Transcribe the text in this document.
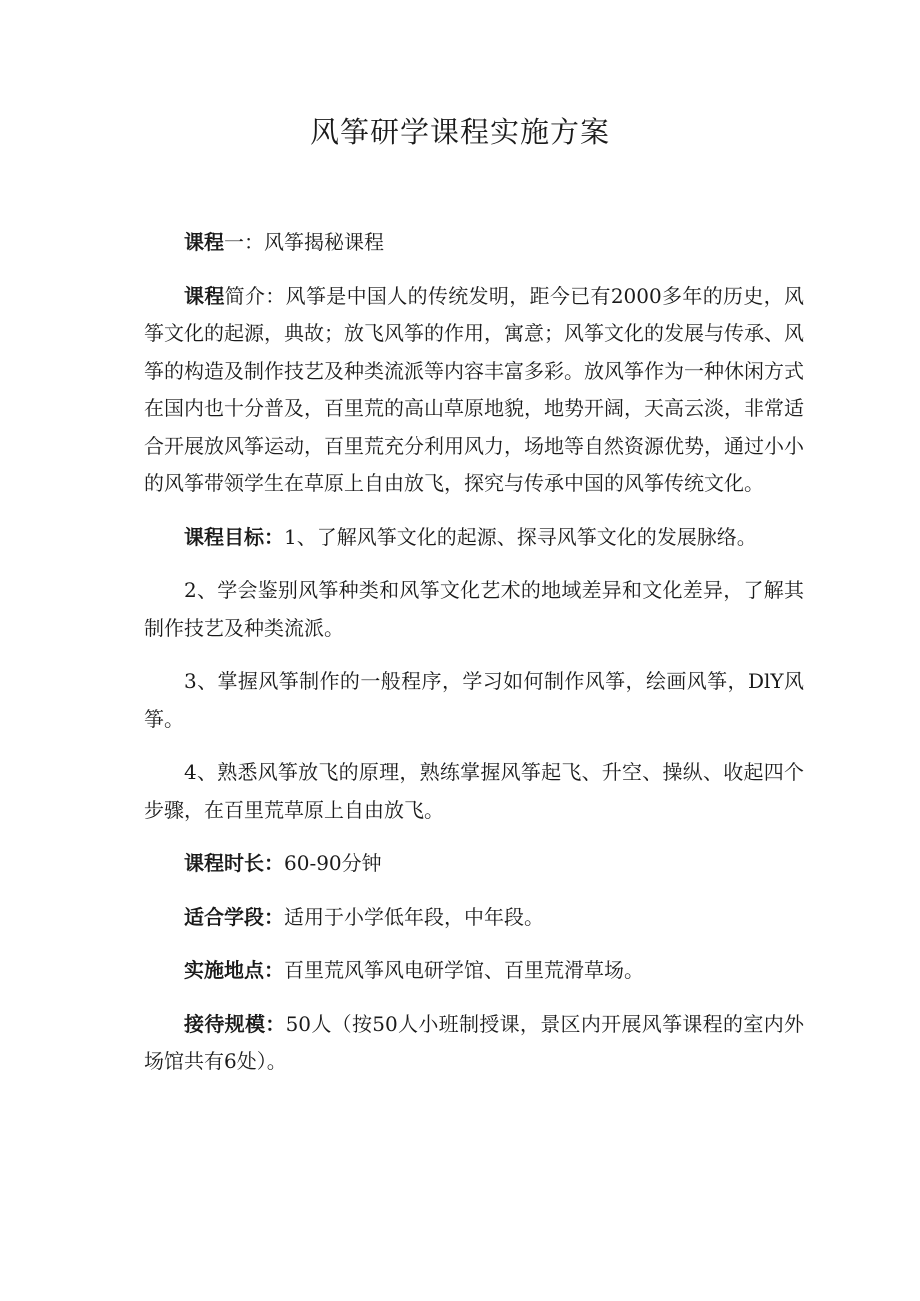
风筝研学课程实施方案

课程一：风筝揭秘课程

课程简介：风筝是中国人的传统发明，距今已有2000多年的历史，风筝文化的起源，典故；放飞风筝的作用，寓意；风筝文化的发展与传承、风筝的构造及制作技艺及种类流派等内容丰富多彩。放风筝作为一种休闲方式在国内也十分普及，百里荒的高山草原地貌，地势开阔，天高云淡，非常适合开展放风筝运动，百里荒充分利用风力，场地等自然资源优势，通过小小的风筝带领学生在草原上自由放飞，探究与传承中国的风筝传统文化。

课程目标：1、了解风筝文化的起源、探寻风筝文化的发展脉络。

2、学会鉴别风筝种类和风筝文化艺术的地域差异和文化差异，了解其制作技艺及种类流派。

3、掌握风筝制作的一般程序，学习如何制作风筝，绘画风筝，DlY风筝。

4、熟悉风筝放飞的原理，熟练掌握风筝起飞、升空、操纵、收起四个步骤，在百里荒草原上自由放飞。

课程时长：60-90分钟

适合学段：适用于小学低年段，中年段。

实施地点：百里荒风筝风电研学馆、百里荒滑草场。

接待规模：50人（按50人小班制授课，景区内开展风筝课程的室内外场馆共有6处）。
